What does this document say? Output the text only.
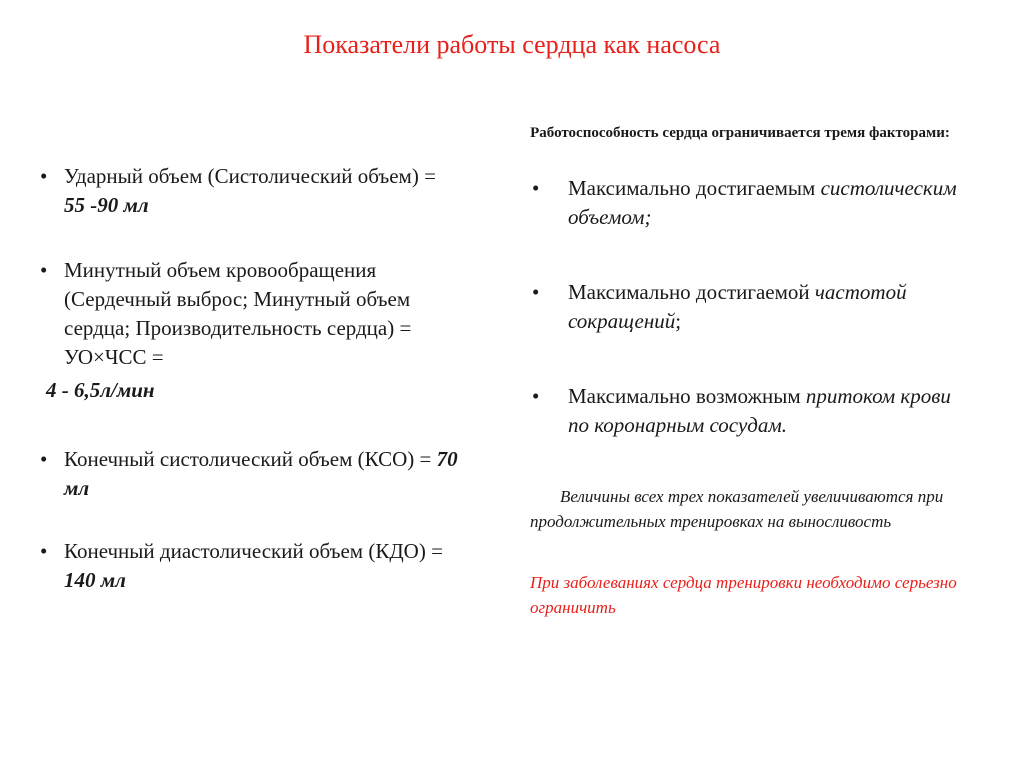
Показатели работы сердца как насоса
• Ударный объем (Систолический объем) = 55 -90 мл
• Минутный объем кровообращения (Сердечный выброс; Минутный объем сердца; Производительность сердца) = УО×ЧСС =
4 - 6,5л/мин
• Конечный систолический объем (КСО) = 70 мл
• Конечный диастолический объем (КДО) = 140 мл
Работоспособность сердца ограничивается тремя факторами:
• Максимально достигаемым систолическим объемом;
• Максимально достигаемой частотой сокращений;
• Максимально возможным притоком крови по коронарным сосудам.
Величины всех трех показателей увеличиваются при продолжительных тренировках на выносливость
При заболеваниях сердца тренировки необходимо серьезно ограничить
